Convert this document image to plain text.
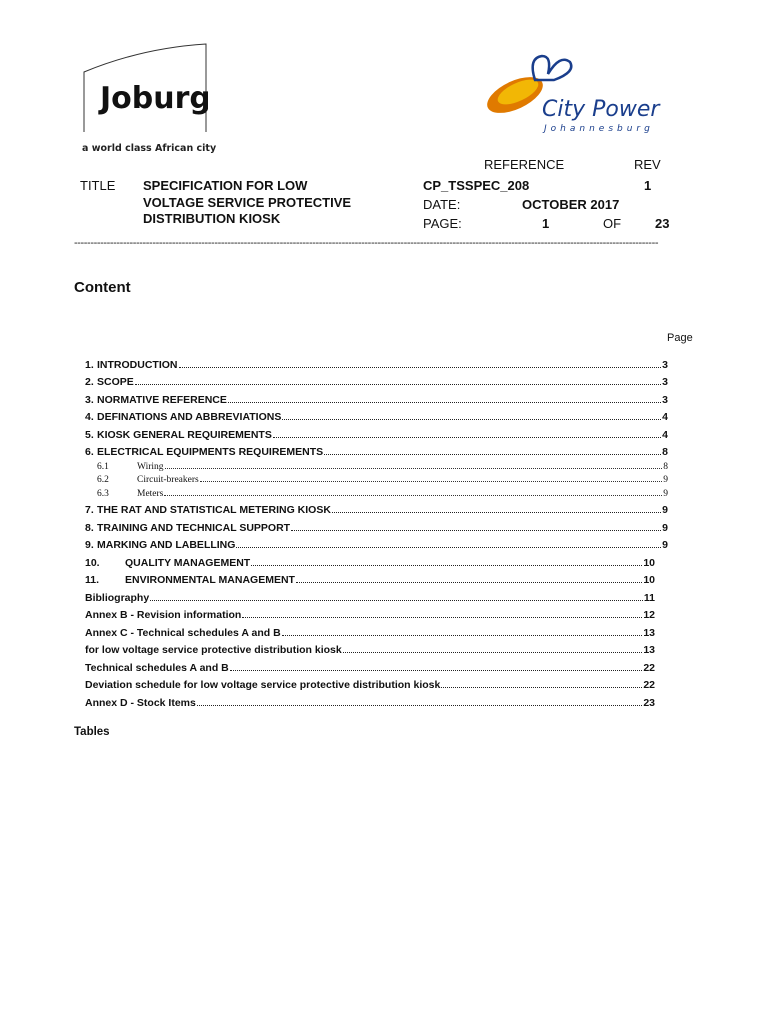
Joburg
a world class African city
City Power
Johannesburg
REFERENCE	REV
TITLE SPECIFICATION FOR LOW
VOLTAGE SERVICE PROTECTIVE
DISTRIBUTION KIOSK
CP_TSSPEC_208	1
DATE:	OCTOBER 2017
PAGE:	1	OF	23
-----------------------------------------------------------------------------------------------------------------------------------------------------------------------------------
Content
Page
1. INTRODUCTION	3
2. SCOPE	3
3. NORMATIVE REFERENCE	3
4. DEFINATIONS AND ABBREVIATIONS	4
5. KIOSK GENERAL REQUIREMENTS	4
6. ELECTRICAL EQUIPMENTS REQUIREMENTS	8
6.1	Wiring	8
6.2	Circuit-breakers	9
6.3	Meters	9
7. THE RAT AND STATISTICAL METERING KIOSK	9
8. TRAINING AND TECHNICAL SUPPORT	9
9. MARKING AND LABELLING	9
10.	QUALITY MANAGEMENT	10
11.	ENVIRONMENTAL MANAGEMENT	10
Bibliography	11
Annex B - Revision information	12
Annex C - Technical schedules A and B	13
for low voltage service protective distribution kiosk	13
Technical schedules A and B	22
Deviation schedule for low voltage service protective distribution kiosk	22
Annex D - Stock Items	23
Tables
